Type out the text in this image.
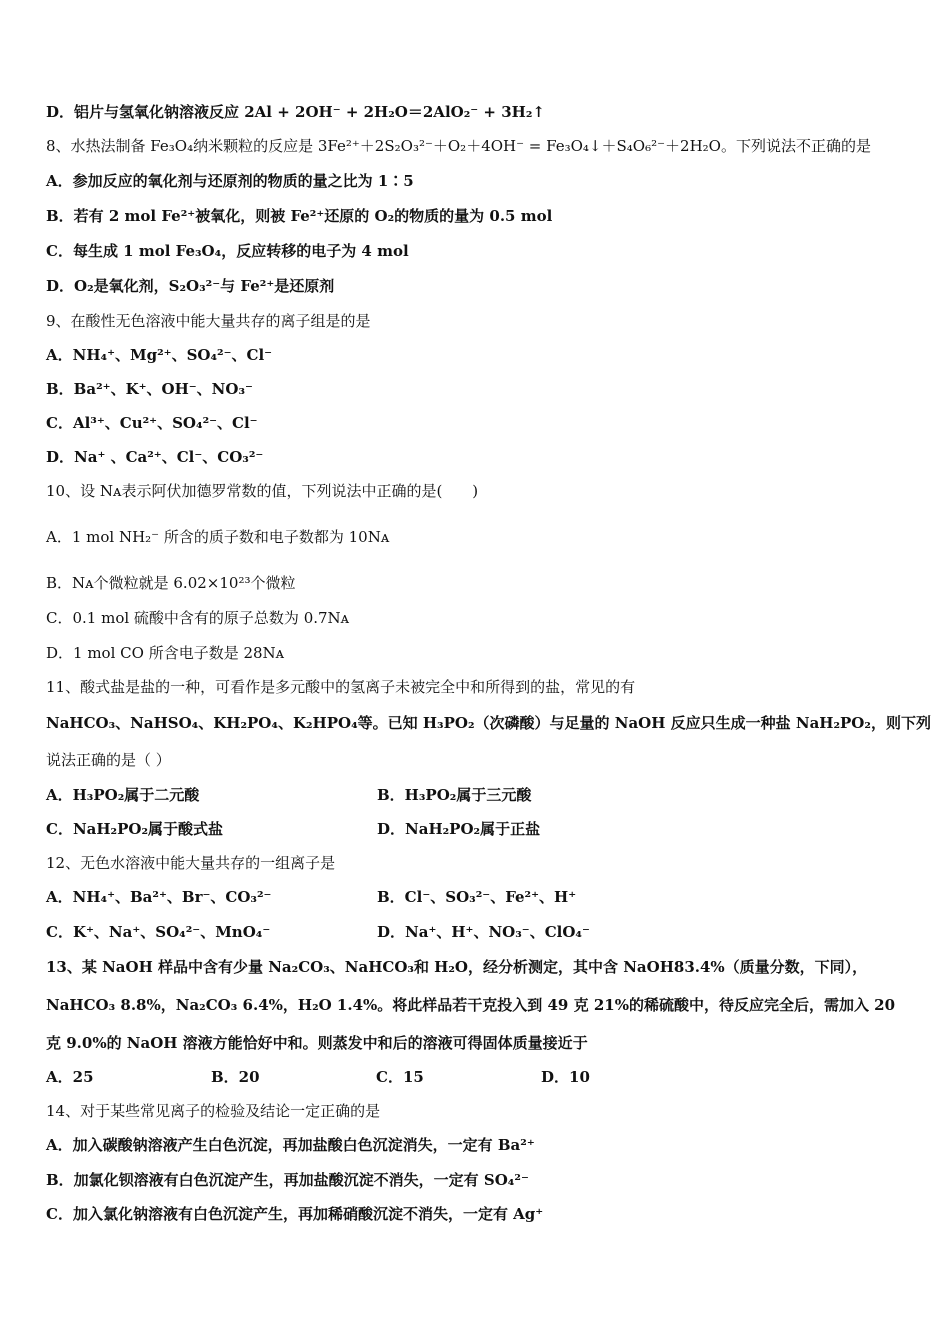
D．铝片与氢氧化钠溶液反应 2Al + 2OH⁻ + 2H₂O＝2AlO₂⁻ + 3H₂↑
8、水热法制备 Fe₃O₄纳米颗粒的反应是 3Fe²⁺＋2S₂O₃²⁻＋O₂＋4OH⁻ = Fe₃O₄↓＋S₄O₆²⁻＋2H₂O。下列说法不正确的是
A．参加反应的氧化剂与还原剂的物质的量之比为 1∶5
B．若有 2 mol Fe²⁺被氧化，则被 Fe²⁺还原的 O₂的物质的量为 0.5 mol
C．每生成 1 mol Fe₃O₄，反应转移的电子为 4 mol
D．O₂是氧化剂，S₂O₃²⁻与 Fe²⁺是还原剂
9、在酸性无色溶液中能大量共存的离子组是的是
A．NH₄⁺、Mg²⁺、SO₄²⁻、Cl⁻
B．Ba²⁺、K⁺、OH⁻、NO₃⁻
C．Al³⁺、Cu²⁺、SO₄²⁻、Cl⁻
D．Na⁺ 、Ca²⁺、Cl⁻、CO₃²⁻
10、设 Nᴀ表示阿伏加德罗常数的值，下列说法中正确的是(　　)
A．1 mol NH₂⁻ 所含的质子数和电子数都为 10Nᴀ
B．Nᴀ个微粒就是 6.02×10²³个微粒
C．0.1 mol 硫酸中含有的原子总数为 0.7Nᴀ
D．1 mol CO 所含电子数是 28Nᴀ
11、酸式盐是盐的一种，可看作是多元酸中的氢离子未被完全中和所得到的盐，常见的有
NaHCO₃、NaHSO₄、KH₂PO₄、K₂HPO₄等。已知 H₃PO₂（次磷酸）与足量的 NaOH 反应只生成一种盐 NaH₂PO₂，则下列
说法正确的是（ ）
A．H₃PO₂属于二元酸	B．H₃PO₂属于三元酸
C．NaH₂PO₂属于酸式盐	D．NaH₂PO₂属于正盐
12、无色水溶液中能大量共存的一组离子是
A．NH₄⁺、Ba²⁺、Br⁻、CO₃²⁻	B．Cl⁻、SO₃²⁻、Fe²⁺、H⁺
C．K⁺、Na⁺、SO₄²⁻、MnO₄⁻	D．Na⁺、H⁺、NO₃⁻、ClO₄⁻
13、某 NaOH 样品中含有少量 Na₂CO₃、NaHCO₃和 H₂O，经分析测定，其中含 NaOH83.4%（质量分数，下同），
NaHCO₃ 8.8%，Na₂CO₃ 6.4%，H₂O 1.4%。将此样品若干克投入到 49 克 21%的稀硫酸中，待反应完全后，需加入 20
克 9.0%的 NaOH 溶液方能恰好中和。则蒸发中和后的溶液可得固体质量接近于
A．25	B．20	C．15	D．10
14、对于某些常见离子的检验及结论一定正确的是
A．加入碳酸钠溶液产生白色沉淀，再加盐酸白色沉淀消失，一定有 Ba²⁺
B．加氯化钡溶液有白色沉淀产生，再加盐酸沉淀不消失，一定有 SO₄²⁻
C．加入氯化钠溶液有白色沉淀产生，再加稀硝酸沉淀不消失，一定有 Ag⁺
